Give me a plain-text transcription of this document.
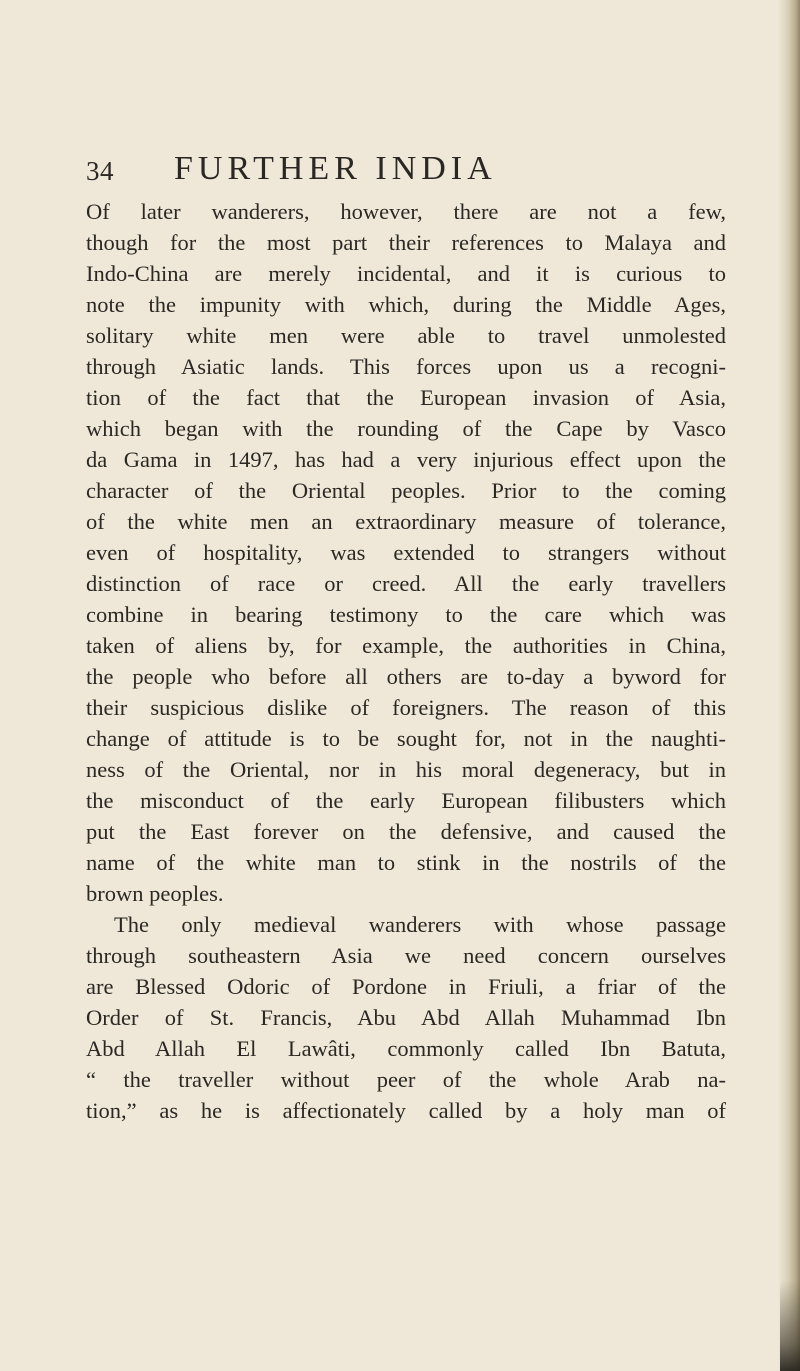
34 FURTHER INDIA
Of later wanderers, however, there are not a few,
though for the most part their references to Malaya and
Indo-China are merely incidental, and it is curious to
note the impunity with which, during the Middle Ages,
solitary white men were able to travel unmolested
through Asiatic lands. This forces upon us a recogni-
tion of the fact that the European invasion of Asia,
which began with the rounding of the Cape by Vasco
da Gama in 1497, has had a very injurious effect upon the
character of the Oriental peoples. Prior to the coming
of the white men an extraordinary measure of tolerance,
even of hospitality, was extended to strangers without
distinction of race or creed. All the early travellers
combine in bearing testimony to the care which was
taken of aliens by, for example, the authorities in China,
the people who before all others are to-day a byword for
their suspicious dislike of foreigners. The reason of this
change of attitude is to be sought for, not in the naughti-
ness of the Oriental, nor in his moral degeneracy, but in
the misconduct of the early European filibusters which
put the East forever on the defensive, and caused the
name of the white man to stink in the nostrils of the
brown peoples.
The only medieval wanderers with whose passage
through southeastern Asia we need concern ourselves
are Blessed Odoric of Pordone in Friuli, a friar of the
Order of St. Francis, Abu Abd Allah Muhammad Ibn
Abd Allah El Lawâti, commonly called Ibn Batuta,
“ the traveller without peer of the whole Arab na-
tion,” as he is affectionately called by a holy man of
